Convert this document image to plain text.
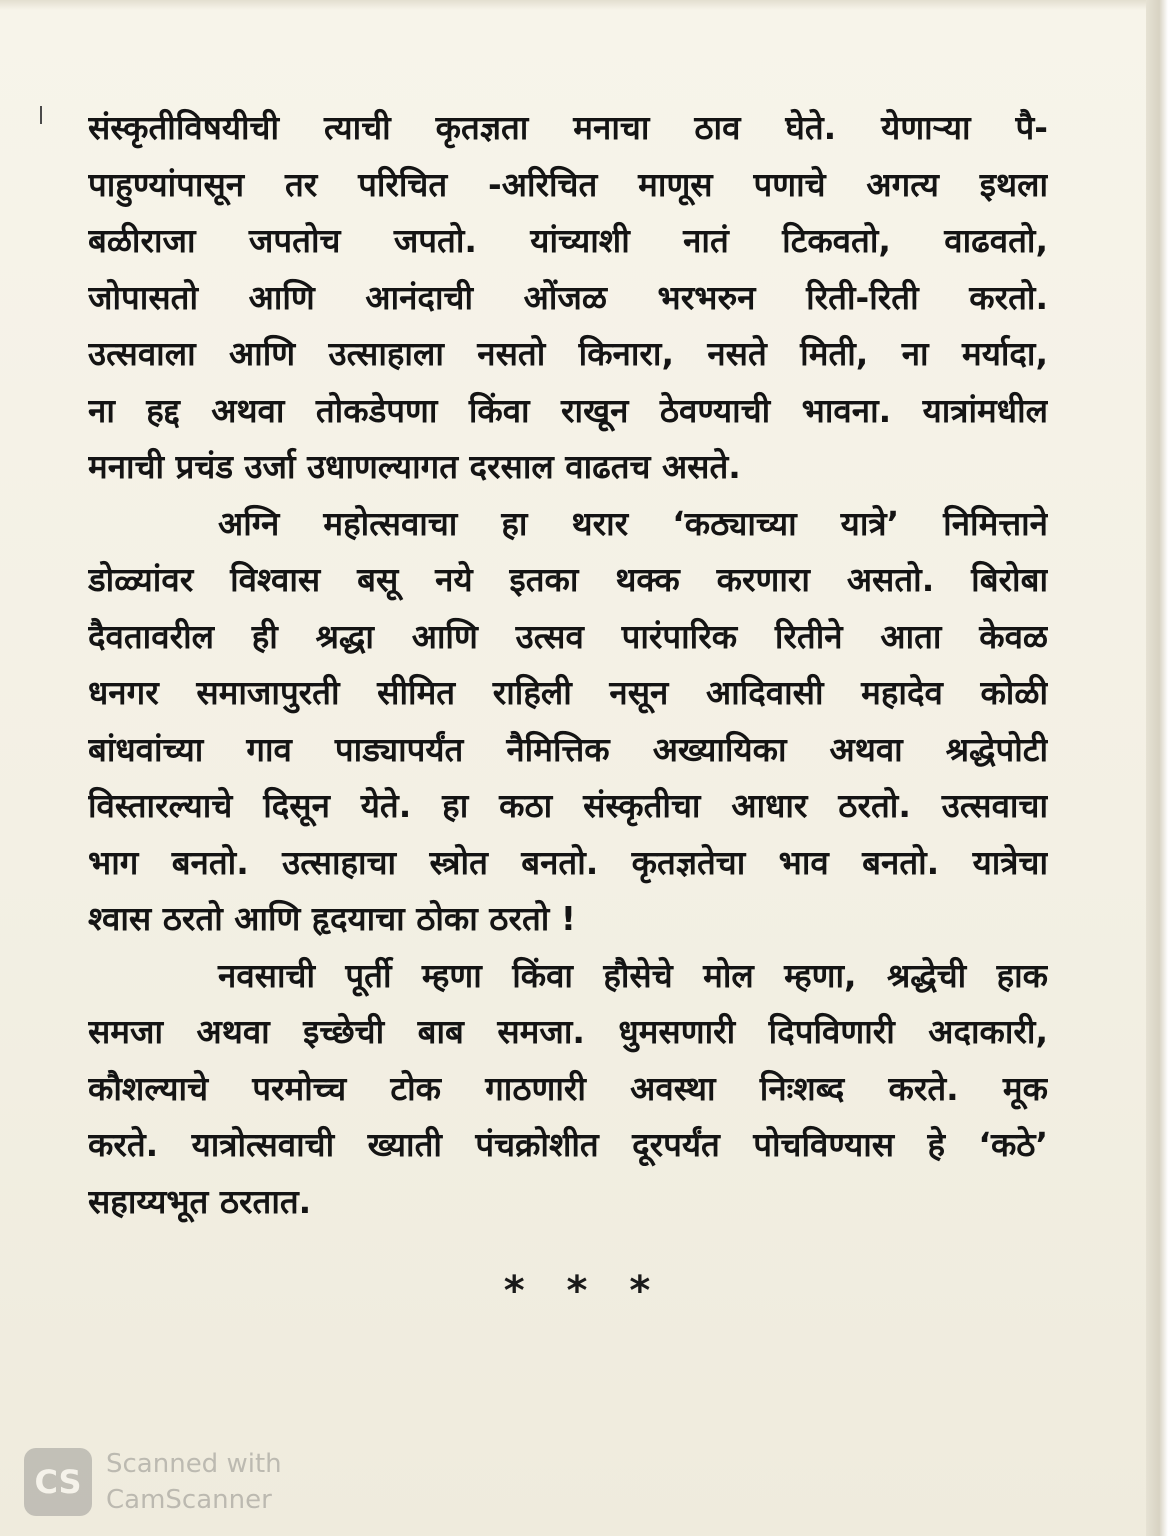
संस्कृतीविषयीची त्याची कृतज्ञता मनाचा ठाव घेते. येणाऱ्या पै-
पाहुण्यांपासून तर परिचित -अरिचित माणूस पणाचे अगत्य इथला
बळीराजा जपतोच जपतो. यांच्याशी नातं टिकवतो, वाढवतो,
जोपासतो आणि आनंदाची ओंजळ भरभरुन रिती-रिती करतो.
उत्सवाला आणि उत्साहाला नसतो किनारा, नसते मिती, ना मर्यादा,
ना हद्द अथवा तोकडेपणा किंवा राखून ठेवण्याची भावना. यात्रांमधील
मनाची प्रचंड उर्जा उधाणल्यागत दरसाल वाढतच असते.
अग्नि महोत्सवाचा हा थरार ‘कठ्याच्या यात्रे’ निमित्ताने
डोळ्यांवर विश्वास बसू नये इतका थक्क करणारा असतो. बिरोबा
दैवतावरील ही श्रद्धा आणि उत्सव पारंपारिक रितीने आता केवळ
धनगर समाजापुरती सीमित राहिली नसून आदिवासी महादेव कोळी
बांधवांच्या गाव पाड्यापर्यंत नैमित्तिक अख्यायिका अथवा श्रद्धेपोटी
विस्तारल्याचे दिसून येते. हा कठा संस्कृतीचा आधार ठरतो. उत्सवाचा
भाग बनतो. उत्साहाचा स्त्रोत बनतो. कृतज्ञतेचा भाव बनतो. यात्रेचा
श्वास ठरतो आणि हृदयाचा ठोका ठरतो !
नवसाची पूर्ती म्हणा किंवा हौसेचे मोल म्हणा, श्रद्धेची हाक
समजा अथवा इच्छेची बाब समजा. धुमसणारी दिपविणारी अदाकारी,
कौशल्याचे परमोच्च टोक गाठणारी अवस्था निःशब्द करते. मूक
करते. यात्रोत्सवाची ख्याती पंचक्रोशीत दूरपर्यंत पोचविण्यास हे ‘कठे’
सहाय्यभूत ठरतात.
* * *
CS Scanned with
CamScanner
